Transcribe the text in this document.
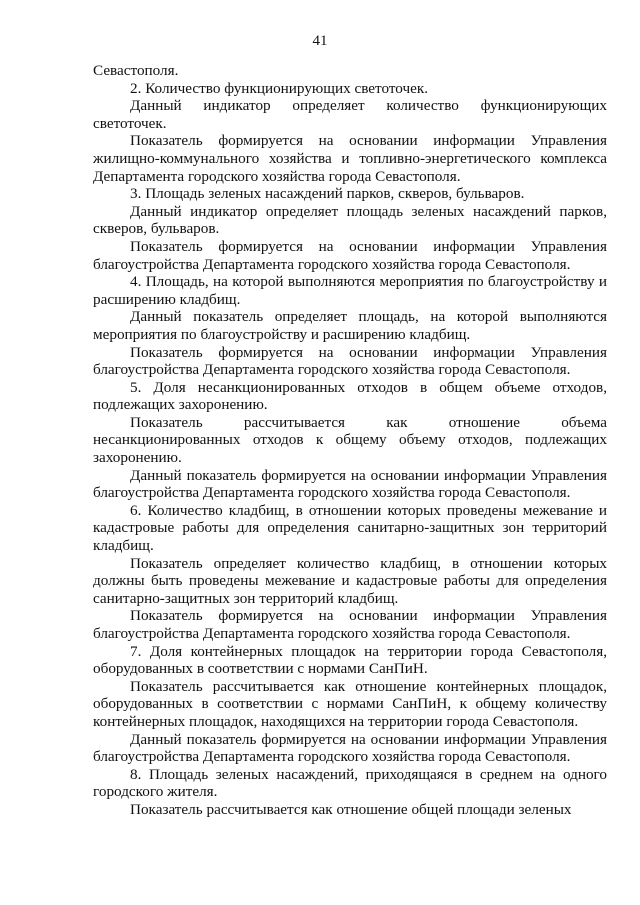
41

Севастополя.

2. Количество функционирующих светоточек.

Данный индикатор определяет количество функционирующих светоточек.

Показатель формируется на основании информации Управления жилищно-коммунального хозяйства и топливно-энергетического комплекса Департамента городского хозяйства города Севастополя.

3. Площадь зеленых насаждений парков, скверов, бульваров.

Данный индикатор определяет площадь зеленых насаждений парков, скверов, бульваров.

Показатель формируется на основании информации Управления благоустройства Департамента городского хозяйства города Севастополя.

4. Площадь, на которой выполняются мероприятия по благоустройству и расширению кладбищ.

Данный показатель определяет площадь, на которой выполняются мероприятия по благоустройству и расширению кладбищ.

Показатель формируется на основании информации Управления благоустройства Департамента городского хозяйства города Севастополя.

5. Доля несанкционированных отходов в общем объеме отходов, подлежащих захоронению.

Показатель рассчитывается как отношение объема несанкционированных отходов к общему объему отходов, подлежащих захоронению.

Данный показатель формируется на основании информации Управления благоустройства Департамента городского хозяйства города Севастополя.

6. Количество кладбищ, в отношении которых проведены межевание и кадастровые работы для определения санитарно-защитных зон территорий кладбищ.

Показатель определяет количество кладбищ, в отношении которых должны быть проведены межевание и кадастровые работы для определения санитарно-защитных зон территорий кладбищ.

Показатель формируется на основании информации Управления благоустройства Департамента городского хозяйства города Севастополя.

7. Доля контейнерных площадок на территории города Севастополя, оборудованных в соответствии с нормами СанПиН.

Показатель рассчитывается как отношение контейнерных площадок, оборудованных в соответствии с нормами СанПиН, к общему количеству контейнерных площадок, находящихся на территории города Севастополя.

Данный показатель формируется на основании информации Управления благоустройства Департамента городского хозяйства города Севастополя.

8. Площадь зеленых насаждений, приходящаяся в среднем на одного городского жителя.

Показатель рассчитывается как отношение общей площади зеленых
